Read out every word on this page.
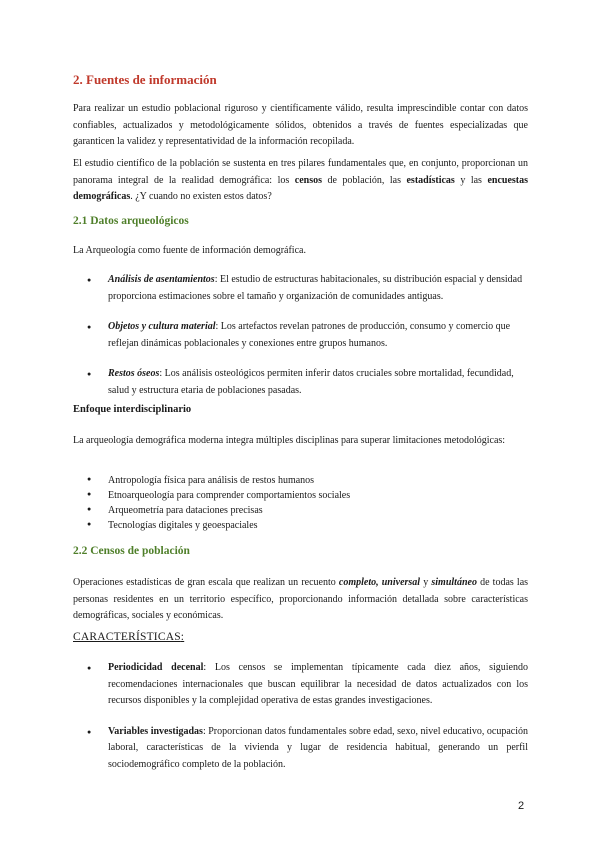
2. Fuentes de información

Para realizar un estudio poblacional riguroso y científicamente válido, resulta imprescindible contar con datos confiables, actualizados y metodológicamente sólidos, obtenidos a través de fuentes especializadas que garanticen la validez y representatividad de la información recopilada.

El estudio científico de la población se sustenta en tres pilares fundamentales que, en conjunto, proporcionan un panorama integral de la realidad demográfica: los censos de población, las estadísticas y las encuestas demográficas. ¿Y cuando no existen estos datos?

2.1 Datos arqueológicos

La Arqueología como fuente de información demográfica.

● Análisis de asentamientos: El estudio de estructuras habitacionales, su distribución espacial y densidad proporciona estimaciones sobre el tamaño y organización de comunidades antiguas.
● Objetos y cultura material: Los artefactos revelan patrones de producción, consumo y comercio que reflejan dinámicas poblacionales y conexiones entre grupos humanos.
● Restos óseos: Los análisis osteológicos permiten inferir datos cruciales sobre mortalidad, fecundidad, salud y estructura etaria de poblaciones pasadas.
Enfoque interdisciplinario

La arqueología demográfica moderna integra múltiples disciplinas para superar limitaciones metodológicas:

● Antropología física para análisis de restos humanos
● Etnoarqueología para comprender comportamientos sociales
● Arqueometría para dataciones precisas
● Tecnologías digitales y geoespaciales
2.2 Censos de población

Operaciones estadísticas de gran escala que realizan un recuento completo, universal y simultáneo de todas las personas residentes en un territorio específico, proporcionando información detallada sobre características demográficas, sociales y económicas.

CARACTERÍSTICAS:
● Periodicidad decenal: Los censos se implementan típicamente cada diez años, siguiendo recomendaciones internacionales que buscan equilibrar la necesidad de datos actualizados con los recursos disponibles y la complejidad operativa de estas grandes investigaciones.
● Variables investigadas: Proporcionan datos fundamentales sobre edad, sexo, nivel educativo, ocupación laboral, características de la vivienda y lugar de residencia habitual, generando un perfil sociodemográfico completo de la población.
2
